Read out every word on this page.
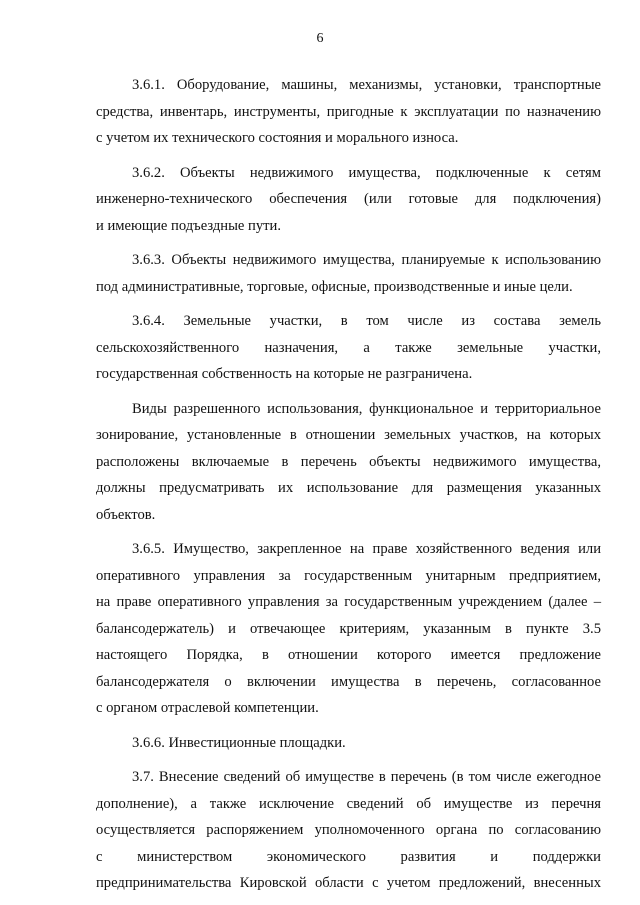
6
3.6.1. Оборудование, машины, механизмы, установки, транспортные
средства, инвентарь, инструменты, пригодные к эксплуатации по назначению
с учетом их технического состояния и морального износа.
3.6.2. Объекты недвижимого имущества, подключенные к сетям
инженерно-технического обеспечения (или готовые для подключения)
и имеющие подъездные пути.
3.6.3. Объекты недвижимого имущества, планируемые к использованию
под административные, торговые, офисные, производственные и иные цели.
3.6.4. Земельные участки, в том числе из состава земель
сельскохозяйственного назначения, а также земельные участки,
государственная собственность на которые не разграничена.
Виды разрешенного использования, функциональное и территориальное
зонирование, установленные в отношении земельных участков, на которых
расположены включаемые в перечень объекты недвижимого имущества,
должны предусматривать их использование для размещения указанных
объектов.
3.6.5. Имущество, закрепленное на праве хозяйственного ведения или
оперативного управления за государственным унитарным предприятием,
на праве оперативного управления за государственным учреждением (далее –
балансодержатель) и отвечающее критериям, указанным в пункте 3.5
настоящего Порядка, в отношении которого имеется предложение
балансодержателя о включении имущества в перечень, согласованное
с органом отраслевой компетенции.
3.6.6. Инвестиционные площадки.
3.7. Внесение сведений об имуществе в перечень (в том числе ежегодное
дополнение), а также исключение сведений об имуществе из перечня
осуществляется распоряжением уполномоченного органа по согласованию
с министерством экономического развития и поддержки
предпринимательства Кировской области с учетом предложений, внесенных
